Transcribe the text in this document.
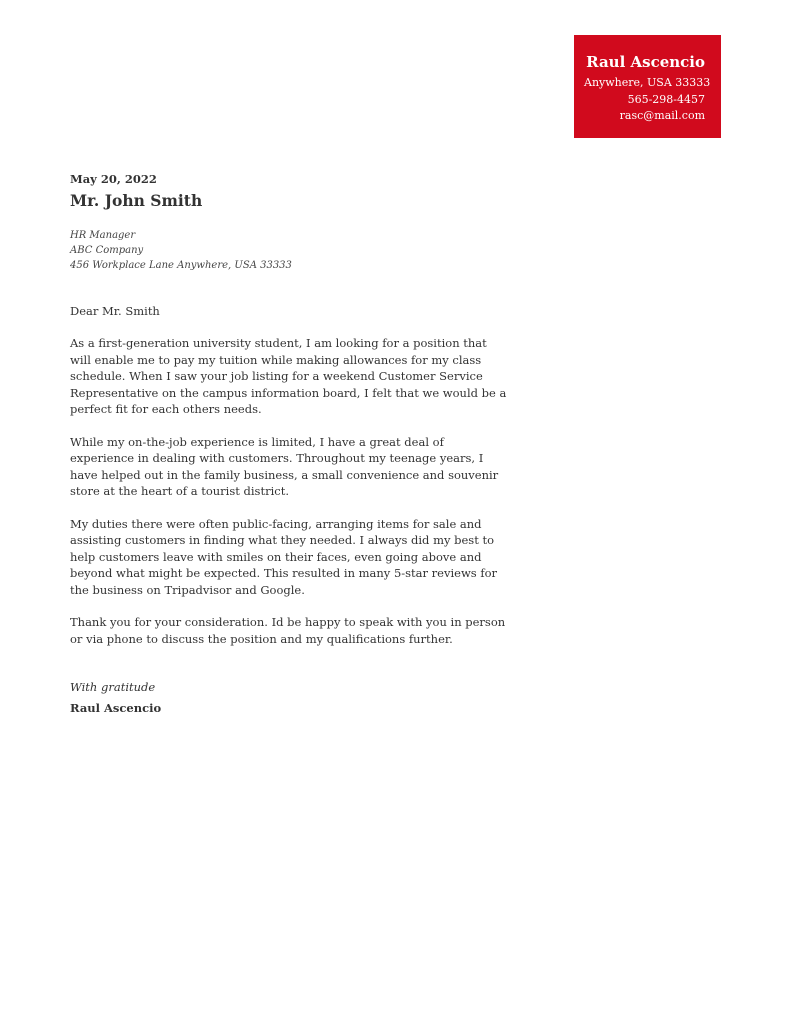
Raul Ascencio
Anywhere, USA 33333
565-298-4457
rasc@mail.com
May 20, 2022
Mr. John Smith
HR Manager
ABC Company
456 Workplace Lane Anywhere, USA 33333
Dear Mr. Smith

As a first-generation university student, I am looking for a position that will enable me to pay my tuition while making allowances for my class schedule. When I saw your job listing for a weekend Customer Service Representative on the campus information board, I felt that we would be a perfect fit for each others needs.

While my on-the-job experience is limited, I have a great deal of experience in dealing with customers. Throughout my teenage years, I have helped out in the family business, a small convenience and souvenir store at the heart of a tourist district.

My duties there were often public-facing, arranging items for sale and assisting customers in finding what they needed. I always did my best to help customers leave with smiles on their faces, even going above and beyond what might be expected. This resulted in many 5-star reviews for the business on Tripadvisor and Google.

Thank you for your consideration. Id be happy to speak with you in person or via phone to discuss the position and my qualifications further.

With gratitude
Raul Ascencio
